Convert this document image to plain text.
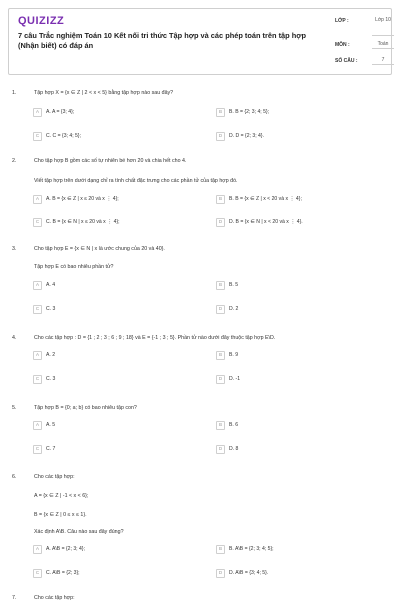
QUIZIZZ
7 câu Trắc nghiệm Toán 10 Kết nối tri thức Tập hợp và các phép toán trên tập hợp (Nhận biết) có đáp án
LỚP :	Lớp 10
MÔN :	Toán
SỐ CÂU :	7
1.	Tập hợp X = {x ∈ Z | 2 < x < 5} bằng tập hợp nào sau đây?
A	A. A = {3; 4};	B	B. B = {2; 3; 4; 5};
C	C. C = {3; 4; 5};	D	D. D = {2; 3; 4}.
2.	Cho tập hợp B gồm các số tự nhiên bé hơn 20 và chia hết cho 4.
Viết tập hợp trên dưới dạng chỉ ra tính chất đặc trưng cho các phần tử của tập hợp đó.
A	A. B = {x ∈ Z | x ≤ 20 và x ⋮ 4};	B	B. B = {x ∈ Z | x < 20 và x ⋮ 4};
C	C. B = {x ∈ N | x ≤ 20 và x ⋮ 4};	D	D. B = {x ∈ N | x < 20 và x ⋮ 4}.
3.	Cho tập hợp E = {x ∈ N | x là ước chung của 20 và 40}.
Tập hợp E có bao nhiêu phần tử?
A	A. 4	B	B. 5
C	C. 3	D	D. 2
4.	Cho các tập hợp : D = {1 ; 2 ; 3 ; 6 ; 9 ; 18} và E = {-1 ; 3 ; 5}. Phần tử nào dưới đây thuộc tập hợp E\D.
A	A. 2	B	B. 9
C	C. 3	D	D. -1
5.	Tập hợp B = {0; a; b} có bao nhiêu tập con?
A	A. 5	B	B. 6
C	C. 7	D	D. 8
6.	Cho các tập hợp:
A = {x ∈ Z | -1 < x < 6};
B = {x ∈ Z | 0 ≤ x ≤ 1}.
Xác định A\B. Câu nào sau đây đúng?
A	A. A\B = {2; 3; 4};	B	B. A\B = {2; 3; 4; 5};
C	C. A\B = {2; 3};	D	D. A\B = {3; 4; 5}.
7.	Cho các tập hợp:
